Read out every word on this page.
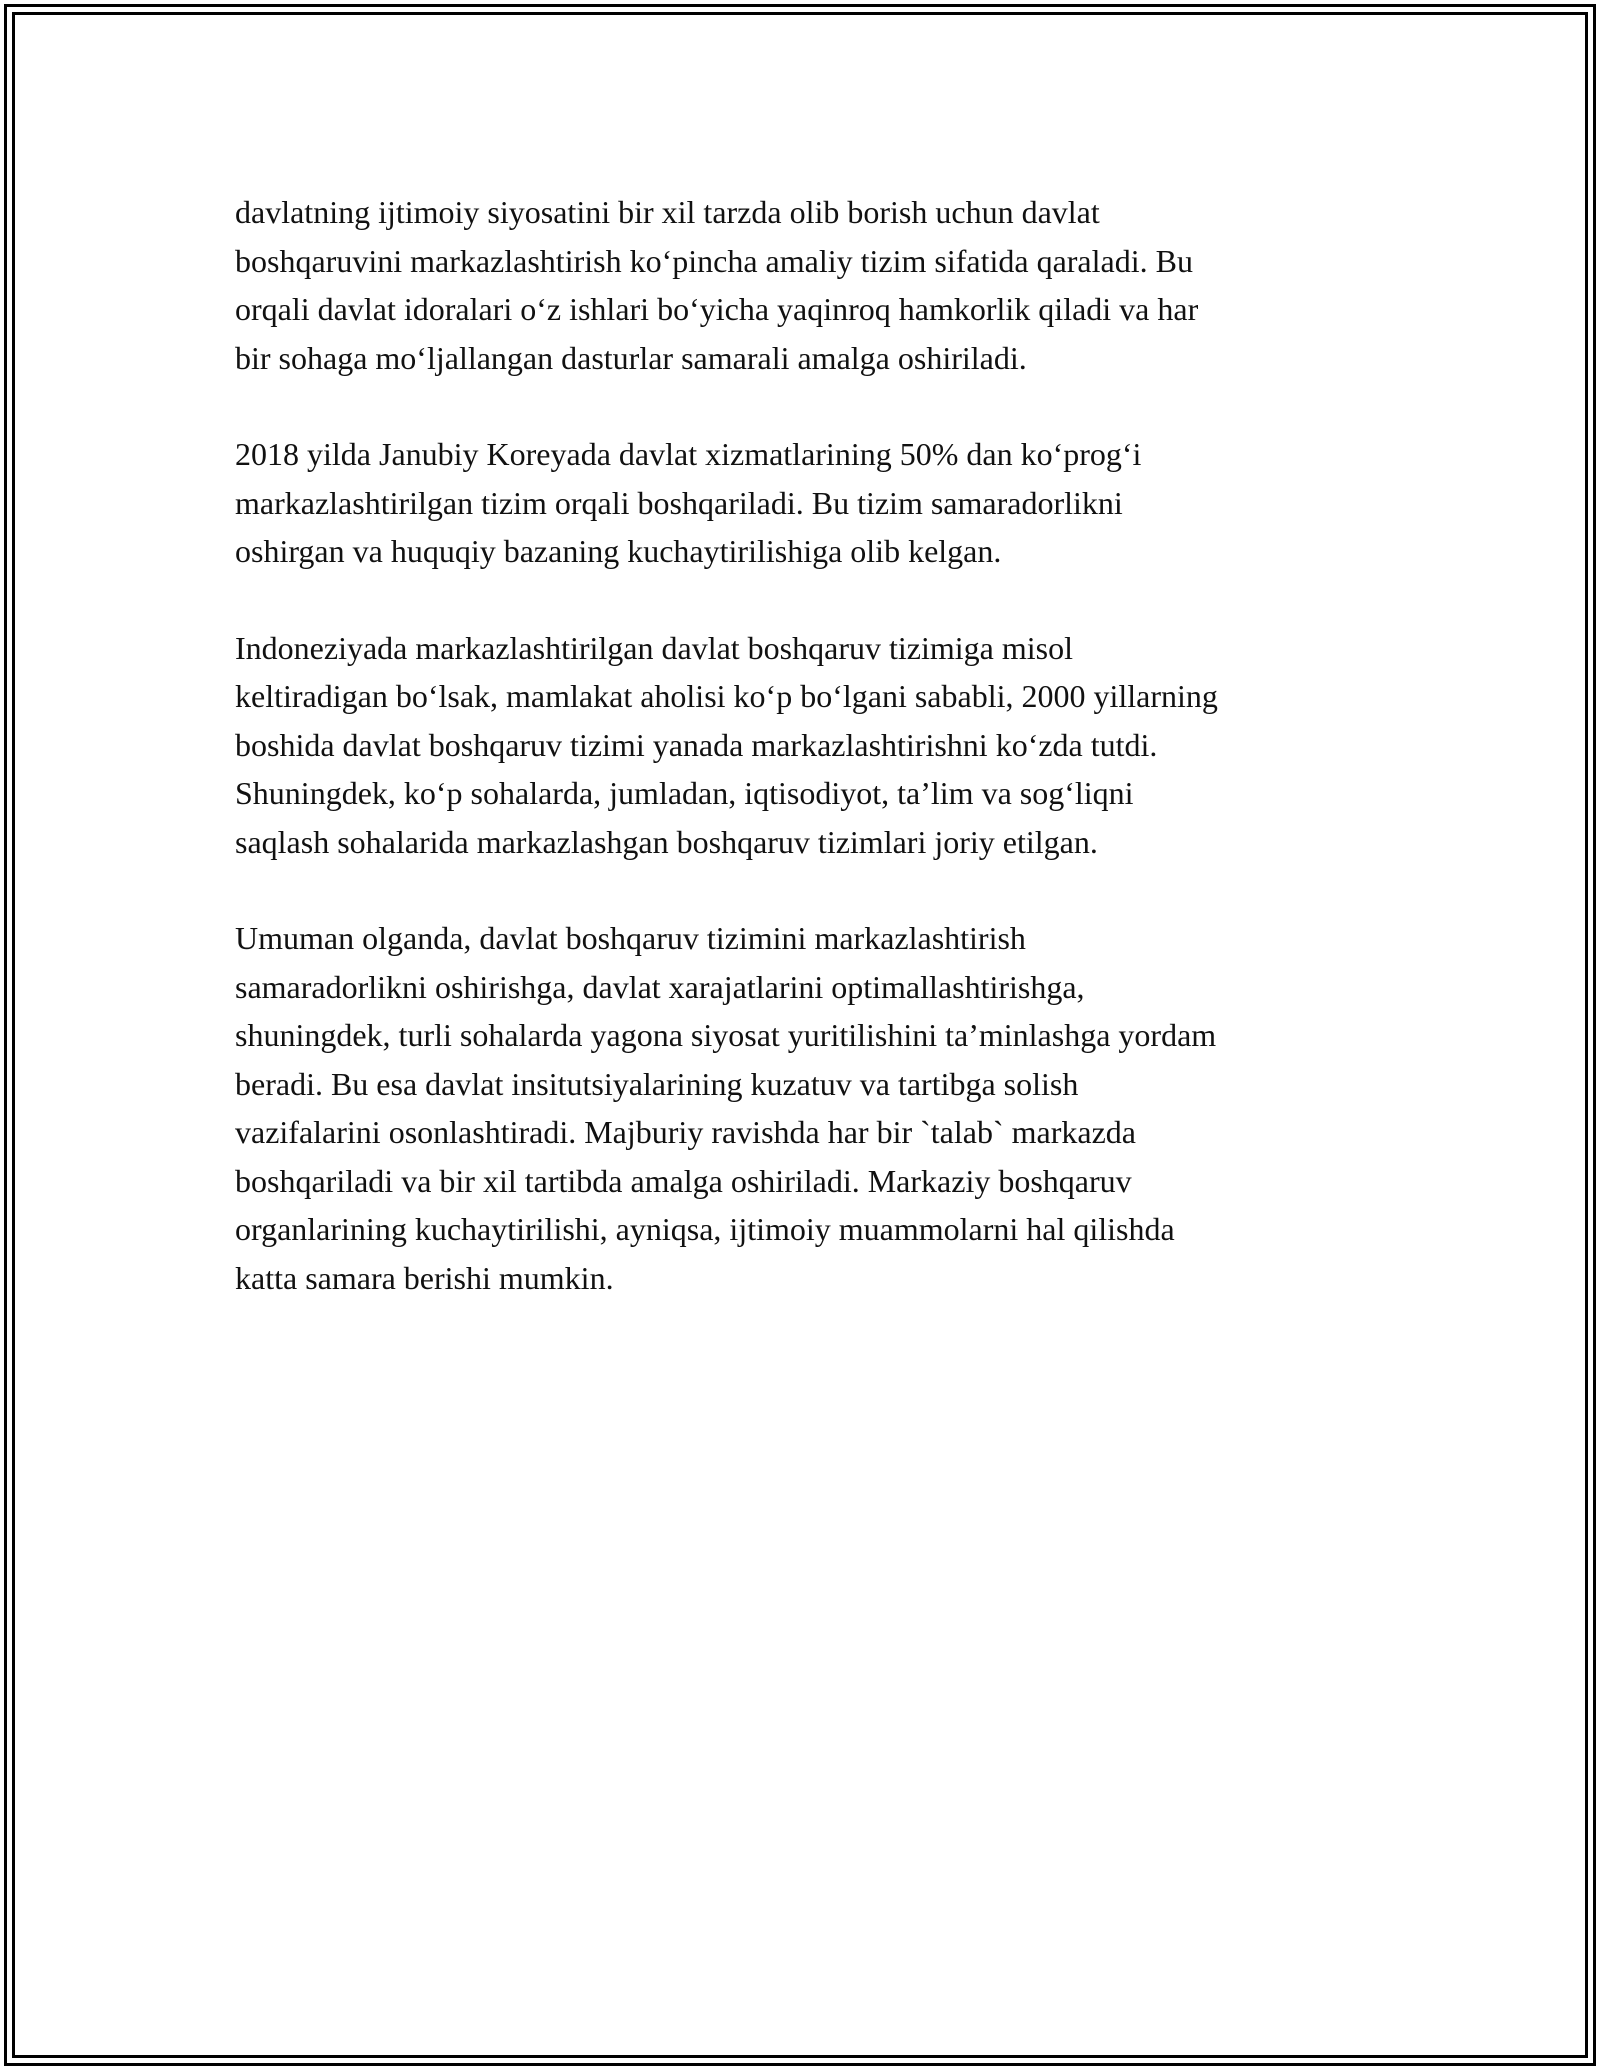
davlatning ijtimoiy siyosatini bir xil tarzda olib borish uchun davlat
boshqaruvini markazlashtirish ko‘pincha amaliy tizim sifatida qaraladi. Bu
orqali davlat idoralari o‘z ishlari bo‘yicha yaqinroq hamkorlik qiladi va har
bir sohaga mo‘ljallangan dasturlar samarali amalga oshiriladi.

2018 yilda Janubiy Koreyada davlat xizmatlarining 50% dan ko‘prog‘i
markazlashtirilgan tizim orqali boshqariladi. Bu tizim samaradorlikni
oshirgan va huquqiy bazaning kuchaytirilishiga olib kelgan.

Indoneziyada markazlashtirilgan davlat boshqaruv tizimiga misol
keltiradigan bo‘lsak, mamlakat aholisi ko‘p bo‘lgani sababli, 2000 yillarning
boshida davlat boshqaruv tizimi yanada markazlashtirishni ko‘zda tutdi.
Shuningdek, ko‘p sohalarda, jumladan, iqtisodiyot, ta’lim va sog‘liqni
saqlash sohalarida markazlashgan boshqaruv tizimlari joriy etilgan.

Umuman olganda, davlat boshqaruv tizimini markazlashtirish
samaradorlikni oshirishga, davlat xarajatlarini optimallashtirishga,
shuningdek, turli sohalarda yagona siyosat yuritilishini ta’minlashga yordam
beradi. Bu esa davlat insitutsiyalarining kuzatuv va tartibga solish
vazifalarini osonlashtiradi. Majburiy ravishda har bir `talab` markazda
boshqariladi va bir xil tartibda amalga oshiriladi. Markaziy boshqaruv
organlarining kuchaytirilishi, ayniqsa, ijtimoiy muammolarni hal qilishda
katta samara berishi mumkin.
